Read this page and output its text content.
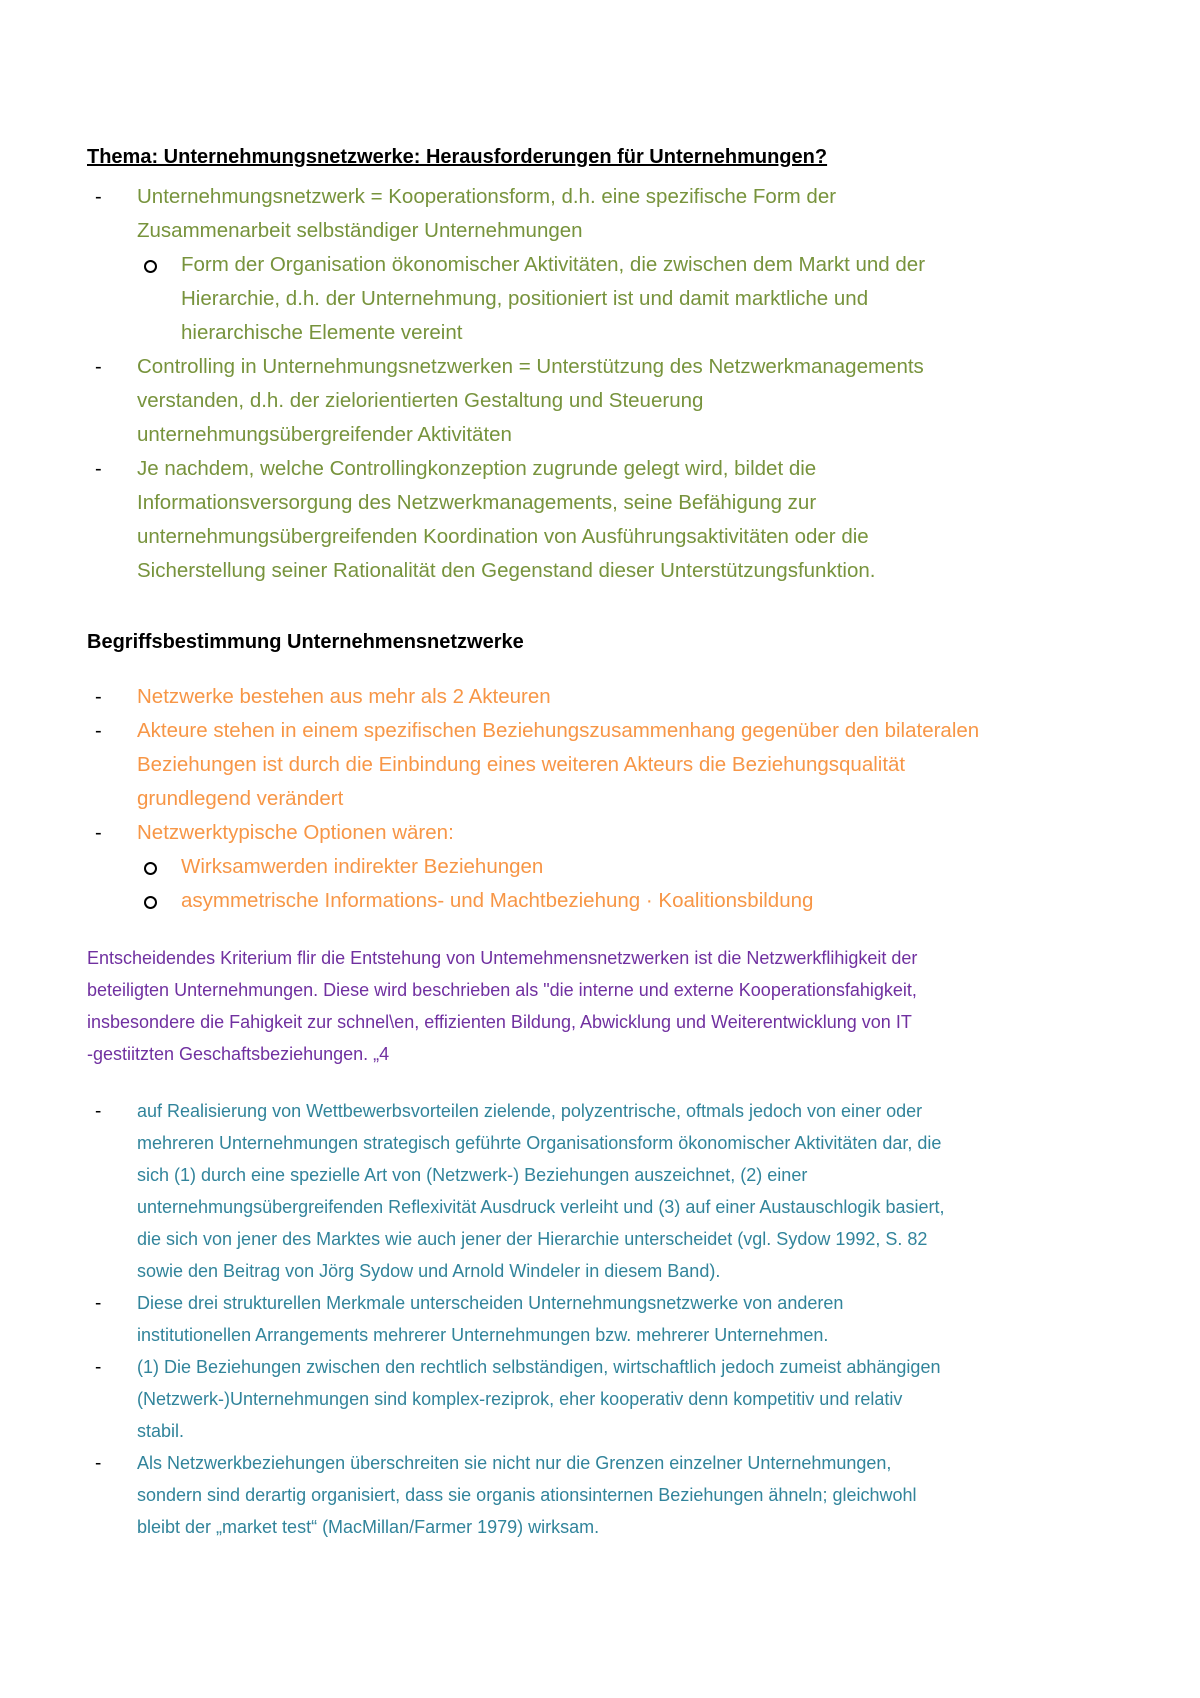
Thema: Unternehmungsnetzwerke: Herausforderungen für Unternehmungen?
- Unternehmungsnetzwerk = Kooperationsform, d.h. eine spezifische Form der
Zusammenarbeit selbständiger Unternehmungen
Form der Organisation ökonomischer Aktivitäten, die zwischen dem Markt und der
Hierarchie, d.h. der Unternehmung, positioniert ist und damit marktliche und
hierarchische Elemente vereint
- Controlling in Unternehmungsnetzwerken = Unterstützung des Netzwerkmanagements
verstanden, d.h. der zielorientierten Gestaltung und Steuerung
unternehmungsübergreifender Aktivitäten
- Je nachdem, welche Controllingkonzeption zugrunde gelegt wird, bildet die
Informationsversorgung des Netzwerkmanagements, seine Befähigung zur
unternehmungsübergreifenden Koordination von Ausführungsaktivitäten oder die
Sicherstellung seiner Rationalität den Gegenstand dieser Unterstützungsfunktion.
Begriffsbestimmung Unternehmensnetzwerke
- Netzwerke bestehen aus mehr als 2 Akteuren
- Akteure stehen in einem spezifischen Beziehungszusammenhang gegenüber den bilateralen
Beziehungen ist durch die Einbindung eines weiteren Akteurs die Beziehungsqualität
grundlegend verändert
- Netzwerktypische Optionen wären:
Wirksamwerden indirekter Beziehungen
asymmetrische Informations- und Machtbeziehung · Koalitionsbildung
Entscheidendes Kriterium flir die Entstehung von Untemehmensnetzwerken ist die Netzwerkflihigkeit der
beteiligten Unternehmungen. Diese wird beschrieben als "die interne und externe Kooperationsfahigkeit,
insbesondere die Fahigkeit zur schnel\en, effizienten Bildung, Abwicklung und Weiterentwicklung von IT
-gestiitzten Geschaftsbeziehungen. „4
- auf Realisierung von Wettbewerbsvorteilen zielende, polyzentrische, oftmals jedoch von einer oder
mehreren Unternehmungen strategisch geführte Organisationsform ökonomischer Aktivitäten dar, die
sich (1) durch eine spezielle Art von (Netzwerk-) Beziehungen auszeichnet, (2) einer
unternehmungsübergreifenden Reflexivität Ausdruck verleiht und (3) auf einer Austauschlogik basiert,
die sich von jener des Marktes wie auch jener der Hierarchie unterscheidet (vgl. Sydow 1992, S. 82
sowie den Beitrag von Jörg Sydow und Arnold Windeler in diesem Band).
- Diese drei strukturellen Merkmale unterscheiden Unternehmungsnetzwerke von anderen
institutionellen Arrangements mehrerer Unternehmungen bzw. mehrerer Unternehmen.
- (1) Die Beziehungen zwischen den rechtlich selbständigen, wirtschaftlich jedoch zumeist abhängigen
(Netzwerk-)Unternehmungen sind komplex-reziprok, eher kooperativ denn kompetitiv und relativ
stabil.
- Als Netzwerkbeziehungen überschreiten sie nicht nur die Grenzen einzelner Unternehmungen,
sondern sind derartig organisiert, dass sie organis ationsinternen Beziehungen ähneln; gleichwohl
bleibt der „market test“ (MacMillan/Farmer 1979) wirksam.
